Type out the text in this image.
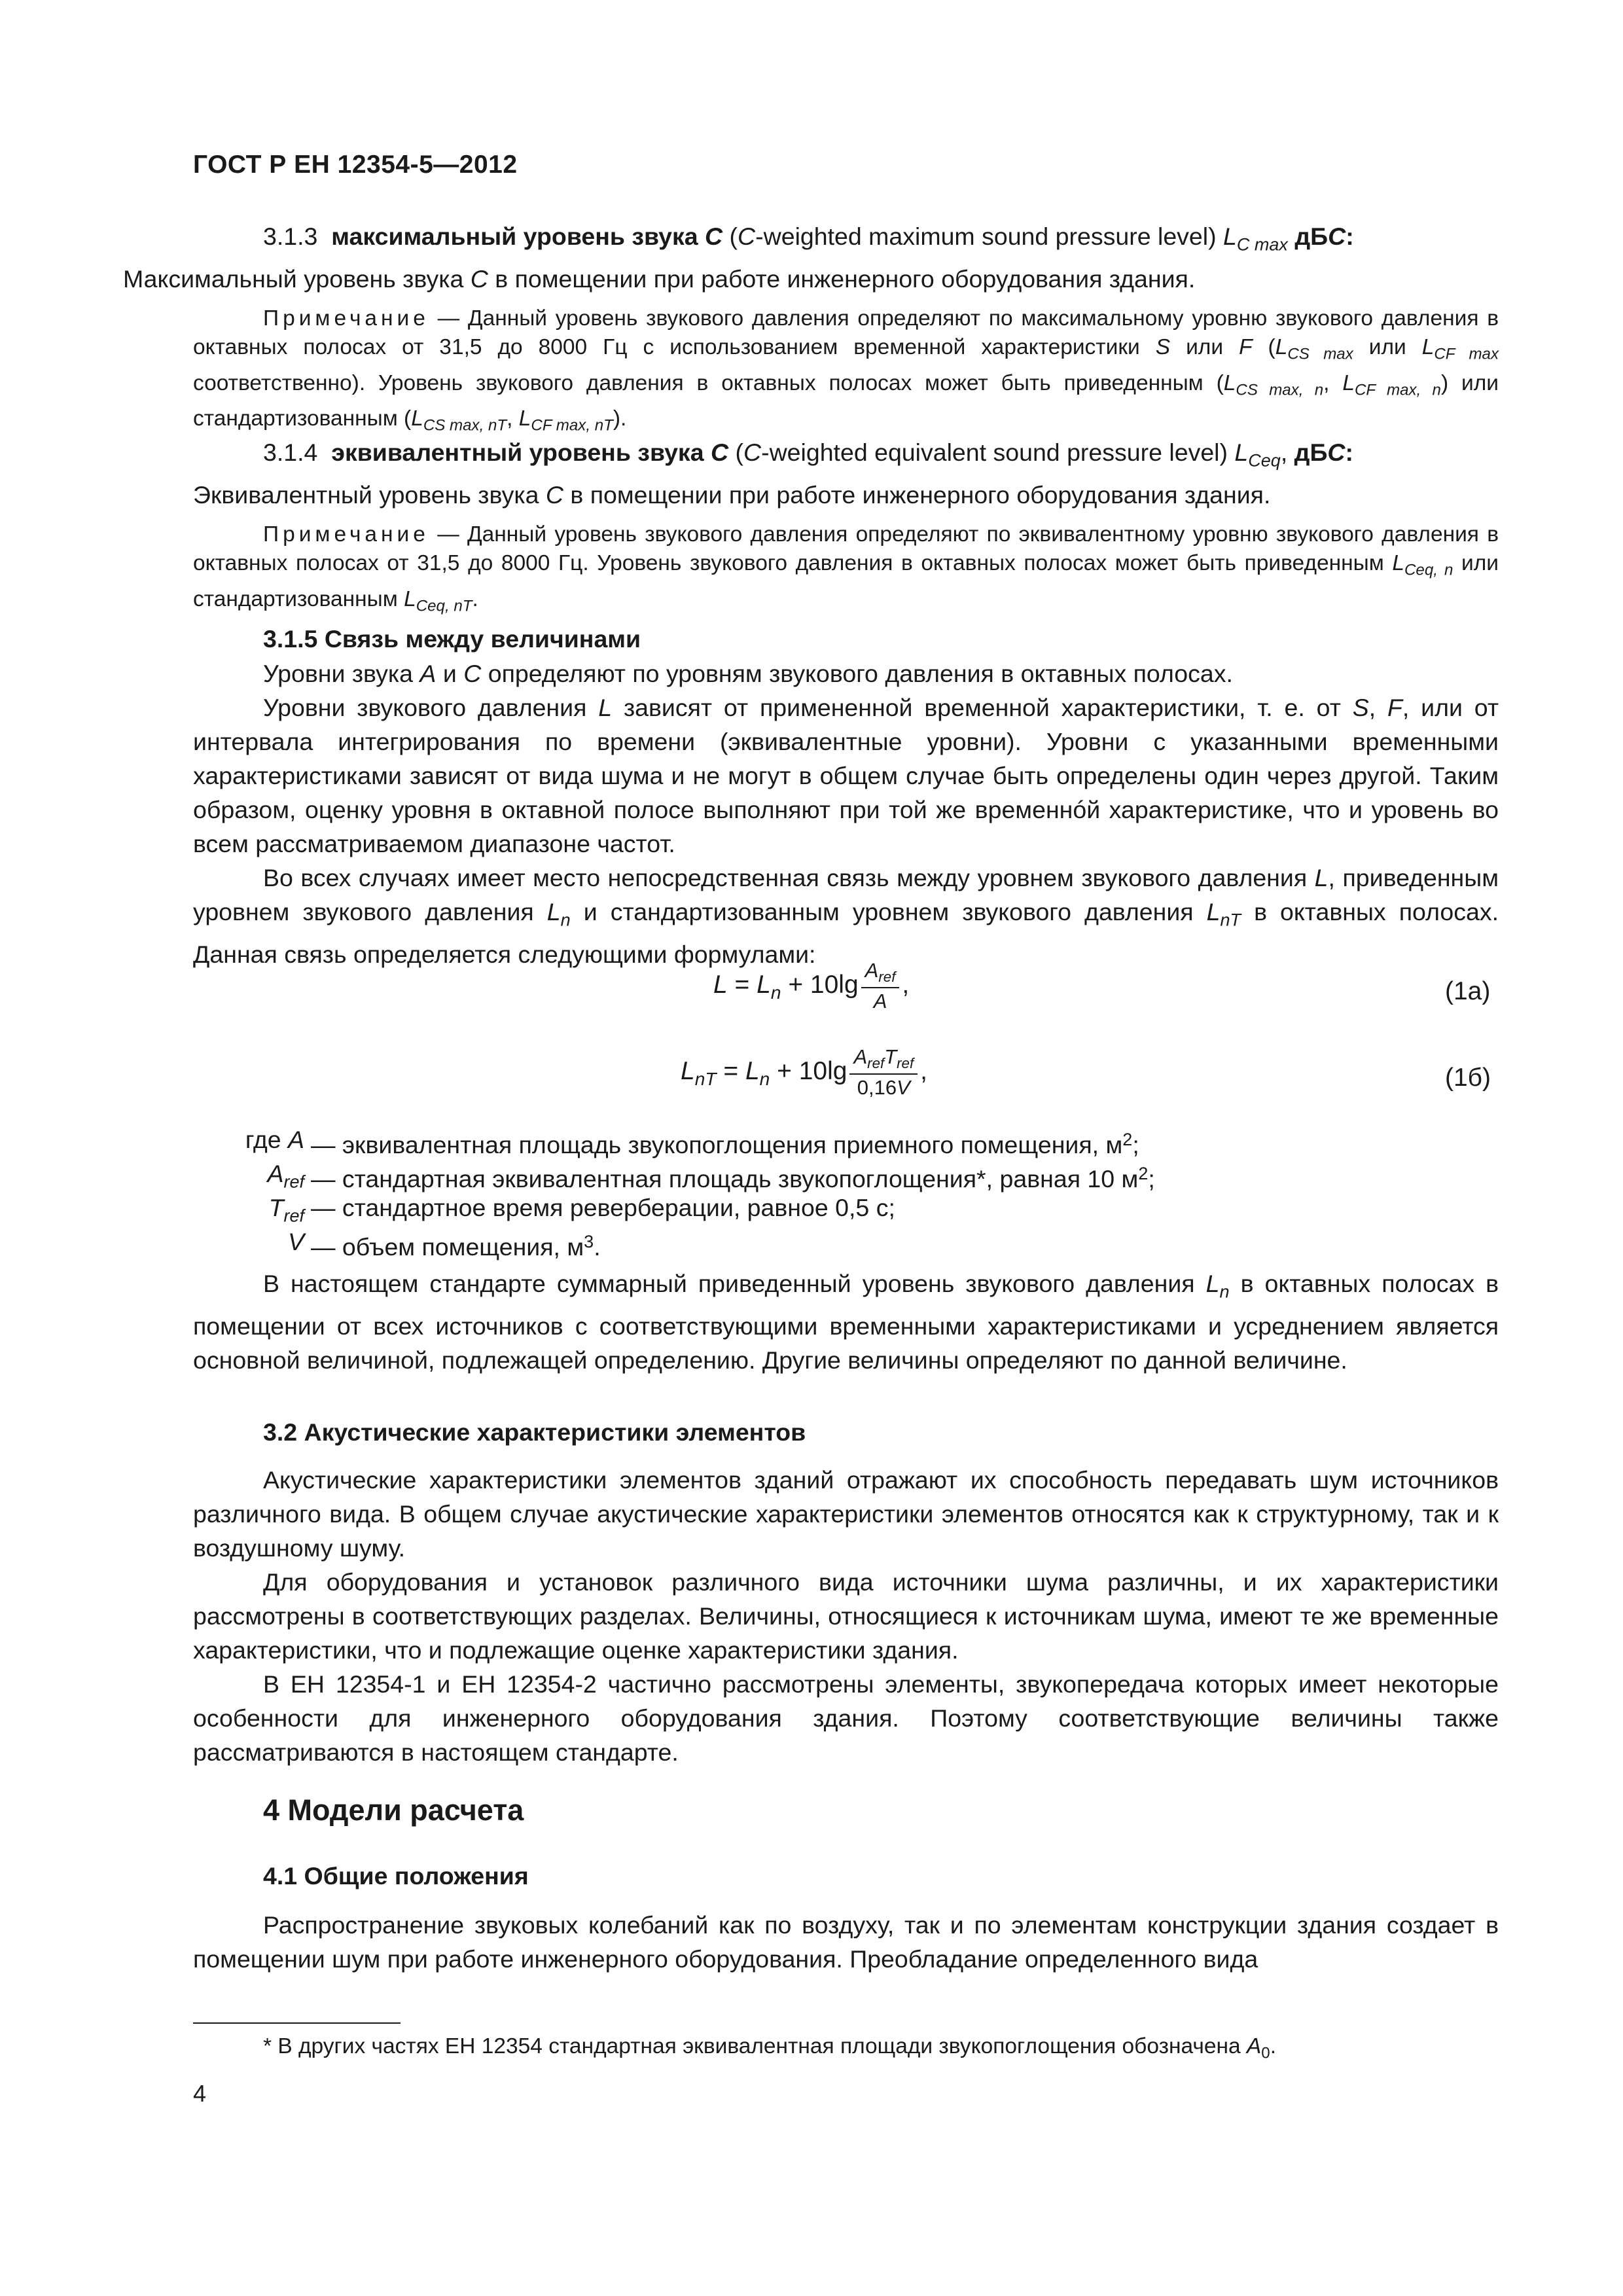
ГОСТ Р ЕН 12354-5—2012
3.1.3 максимальный уровень звука C (C-weighted maximum sound pressure level) $L_{C max}$ дБC:
Максимальный уровень звука C в помещении при работе инженерного оборудования здания.
Примечание — Данный уровень звукового давления определяют по максимальному уровню звукового давления в октавных полосах от 31,5 до 8000 Гц с использованием временной характеристики S или F ($L_{CS max}$ или $L_{CF max}$ соответственно). Уровень звукового давления в октавных полосах может быть приведенным ($L_{CS max, n}$, $L_{CF max, n}$) или стандартизованным ($L_{CS max, nT}$, $L_{CF max, nT}$).
3.1.4 эквивалентный уровень звука C (C-weighted equivalent sound pressure level) $L_{Ceq}$, дБC:
Эквивалентный уровень звука C в помещении при работе инженерного оборудования здания.
Примечание — Данный уровень звукового давления определяют по эквивалентному уровню звукового давления в октавных полосах от 31,5 до 8000 Гц. Уровень звукового давления в октавных полосах может быть приведенным $L_{Ceq, n}$ или стандартизованным $L_{Ceq, nT}$.
3.1.5 Связь между величинами
Уровни звука A и C определяют по уровням звукового давления в октавных полосах.
Уровни звукового давления L зависят от примененной временной характеристики, т. е. от S, F, или от интервала интегрирования по времени (эквивалентные уровни). Уровни с указанными временными характеристиками зависят от вида шума и не могут в общем случае быть определены один через другой. Таким образом, оценку уровня в октавной полосе выполняют при той же временнóй характеристике, что и уровень во всем рассматриваемом диапазоне частот.
Во всех случаях имеет место непосредственная связь между уровнем звукового давления L, приведенным уровнем звукового давления $L_n$ и стандартизованным уровнем звукового давления $L_{nT}$ в октавных полосах. Данная связь определяется следующими формулами:
$L = L_n + 10\lg \frac{A_{ref}}{A}$ ,	(1а)
$L_{nT} = L_n + 10\lg \frac{A_{ref}T_{ref}}{0,16V}$ ,	(1б)
где A — эквивалентная площадь звукопоглощения приемного помещения, $м^2$;
$A_{ref}$ — стандартная эквивалентная площадь звукопоглощения*, равная 10 $м^2$;
$T_{ref}$ — стандартное время реверберации, равное 0,5 с;
V — объем помещения, $м^3$.
В настоящем стандарте суммарный приведенный уровень звукового давления $L_n$ в октавных полосах в помещении от всех источников с соответствующими временными характеристиками и усреднением является основной величиной, подлежащей определению. Другие величины определяют по данной величине.
3.2 Акустические характеристики элементов
Акустические характеристики элементов зданий отражают их способность передавать шум источников различного вида. В общем случае акустические характеристики элементов относятся как к структурному, так и к воздушному шуму.
Для оборудования и установок различного вида источники шума различны, и их характеристики рассмотрены в соответствующих разделах. Величины, относящиеся к источникам шума, имеют те же временные характеристики, что и подлежащие оценке характеристики здания.
В ЕН 12354-1 и ЕН 12354-2 частично рассмотрены элементы, звукопередача которых имеет некоторые особенности для инженерного оборудования здания. Поэтому соответствующие величины также рассматриваются в настоящем стандарте.
4 Модели расчета
4.1 Общие положения
Распространение звуковых колебаний как по воздуху, так и по элементам конструкции здания создает в помещении шум при работе инженерного оборудования. Преобладание определенного вида
* В других частях ЕН 12354 стандартная эквивалентная площади звукопоглощения обозначена $A_0$.
4
